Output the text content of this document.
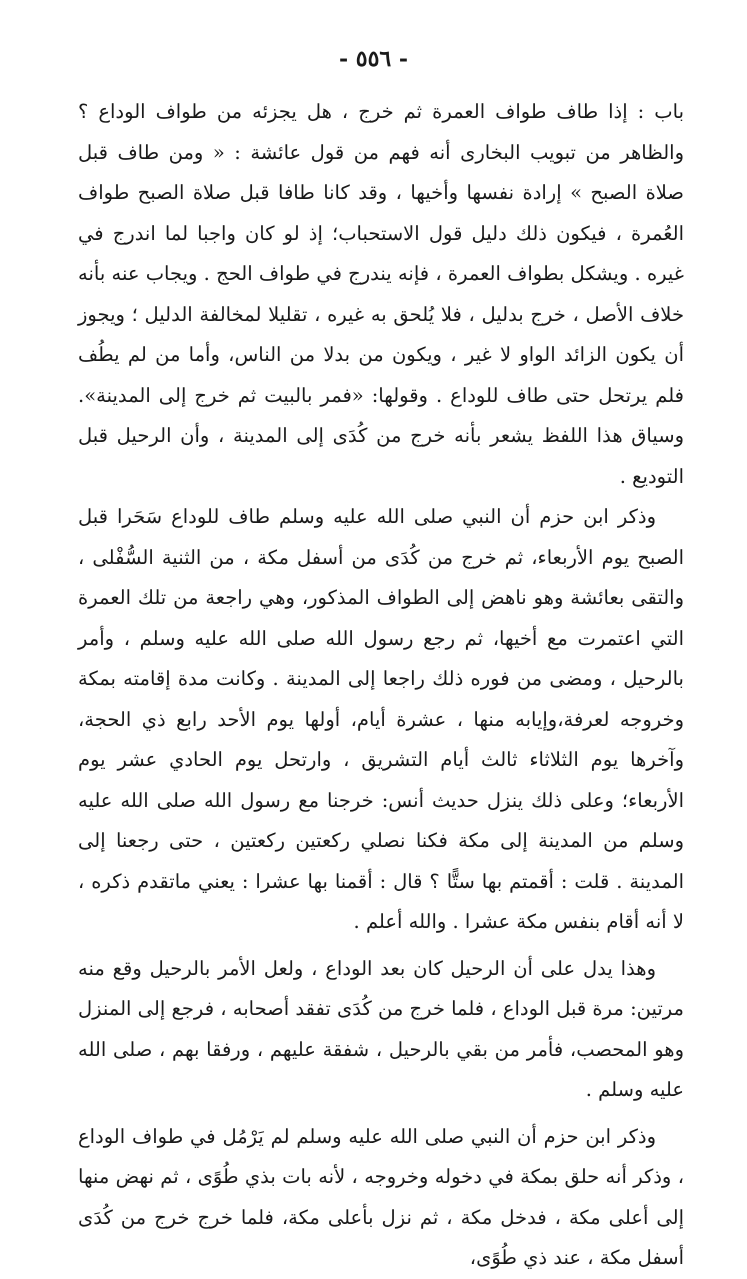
- ٥٥٦ -

باب : إذا طاف طواف العمرة ثم خرج ، هل يجزئه من طواف الوداع ؟ والظاهر من تبويب البخارى أنه فهم من قول عائشة : « ومن طاف قبل صلاة الصبح » إرادة نفسها وأخيها ، وقد كانا طافا قبل صلاة الصبح طواف العُمرة ، فيكون ذلك دليل قول الاستحباب؛ إذ لو كان واجبا لما اندرج في غيره . ويشكل بطواف العمرة ، فإنه يندرج في طواف الحج . ويجاب عنه بأنه خلاف الأصل ، خرج بدليل ، فلا يُلحق به غيره ، تقليلا لمخالفة الدليل ؛ ويجوز أن يكون الزائد الواو لا غير ، ويكون من بدلا من الناس، وأما من لم يطُف فلم يرتحل حتى طاف للوداع . وقولها: «فمر بالبيت ثم خرج إلى المدينة». وسياق هذا اللفظ يشعر بأنه خرج من كُدَى إلى المدينة ، وأن الرحيل قبل التوديع .

وذكر ابن حزم أن النبي صلى الله عليه وسلم طاف للوداع سَحَرا قبل الصبح يوم الأربعاء، ثم خرج من كُدَى من أسفل مكة ، من الثنية السُّفْلى ، والتقى بعائشة وهو ناهض إلى الطواف المذكور، وهي راجعة من تلك العمرة التي اعتمرت مع أخيها، ثم رجع رسول الله صلى الله عليه وسلم ، وأمر بالرحيل ، ومضى من فوره ذلك راجعا إلى المدينة . وكانت مدة إقامته بمكة وخروجه لعرفة،وإيابه منها ، عشرة أيام، أولها يوم الأحد رابع ذي الحجة، وآخرها يوم الثلاثاء ثالث أيام التشريق ، وارتحل يوم الحادي عشر يوم الأربعاء؛ وعلى ذلك ينزل حديث أنس: خرجنا مع رسول الله صلى الله عليه وسلم من المدينة إلى مكة فكنا نصلي ركعتين ركعتين ، حتى رجعنا إلى المدينة . قلت : أقمتم بها ستًّا ؟ قال : أقمنا بها عشرا : يعني ماتقدم ذكره ، لا أنه أقام بنفس مكة عشرا . والله أعلم .

وهذا يدل على أن الرحيل كان بعد الوداع ، ولعل الأمر بالرحيل وقع منه مرتين: مرة قبل الوداع ، فلما خرج من كُدَى تفقد أصحابه ، فرجع إلى المنزل وهو المحصب، فأمر من بقي بالرحيل ، شفقة عليهم ، ورفقا بهم ، صلى الله عليه وسلم .

وذكر ابن حزم أن النبي صلى الله عليه وسلم لم يَرْمُل في طواف الوداع ، وذكر أنه حلق بمكة في دخوله وخروجه ، لأنه بات بذي طُوًى ، ثم نهض منها إلى أعلى مكة ، فدخل مكة ، ثم نزل بأعلى مكة، فلما خرج خرج من كُدَى أسفل مكة ، عند ذي طُوًى،
